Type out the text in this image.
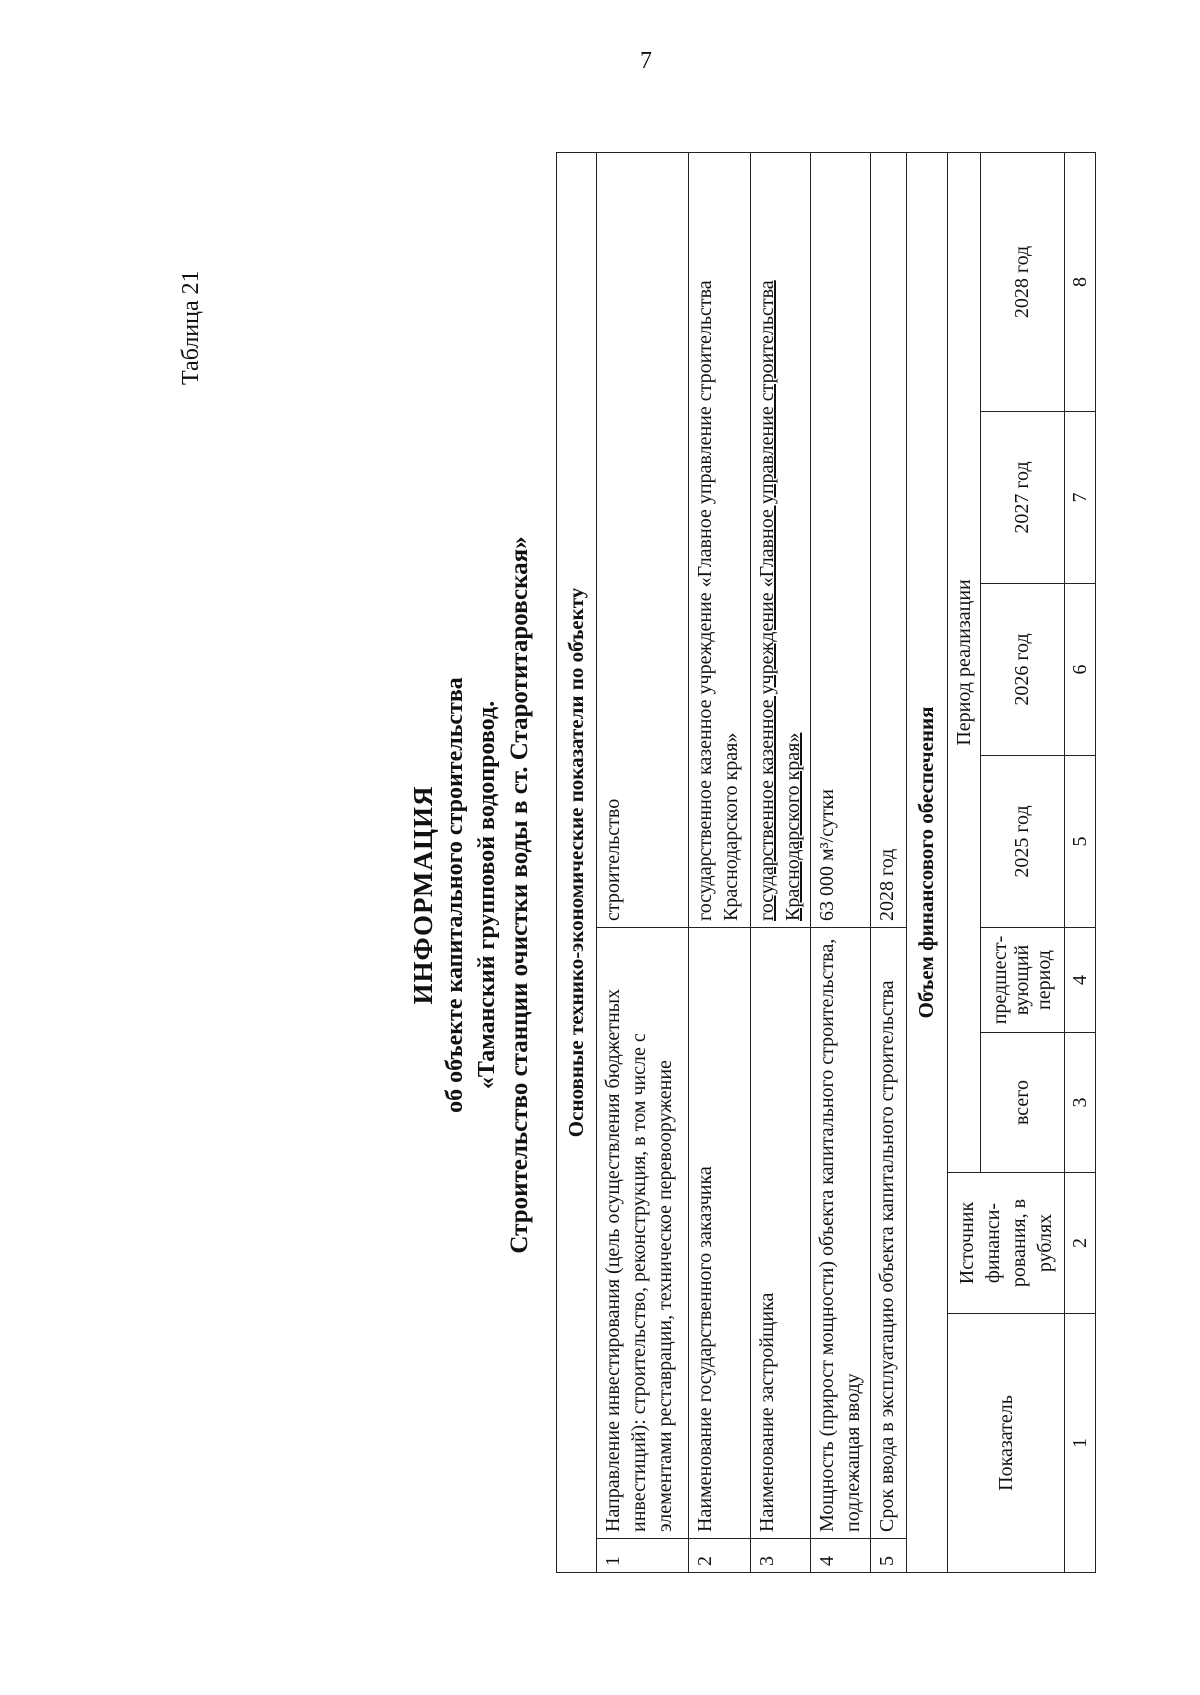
7
Таблица 21
ИНФОРМАЦИЯ об объекте капитального строительства «Таманский групповой водопровод. Строительство станции очистки воды в ст. Старотитаровская» Основные технико-экономические показатели по объекту								
1	Направление инвестирования (цель осуществления бюджетных инвестиций): строительство, реконструкция, в том числе с элементами реставрации, техническое перевооружение				строительство			
2	Наименование государственного заказчика				государственное казенное учреждение «Главное управление строительства Краснодарского края»			
3	Наименование застройщика				государственное казенное учреждение «Главное управление строительства Краснодарского края»			
4	Мощность (прирост мощности) объекта капитального строительства, подлежащая вводу				63 000 м³/сутки			
5	Срок ввода в эксплуатацию объекта капитального строительства				2028 год			
Объем финансового обеспечения								
Показатель		Источник финанси-рования, в рублях	Период реализации					
			всего	предшест-вующий период	2025 год	2026 год	2027 год	2028 год
1		2	3	4	5	6	7	8
